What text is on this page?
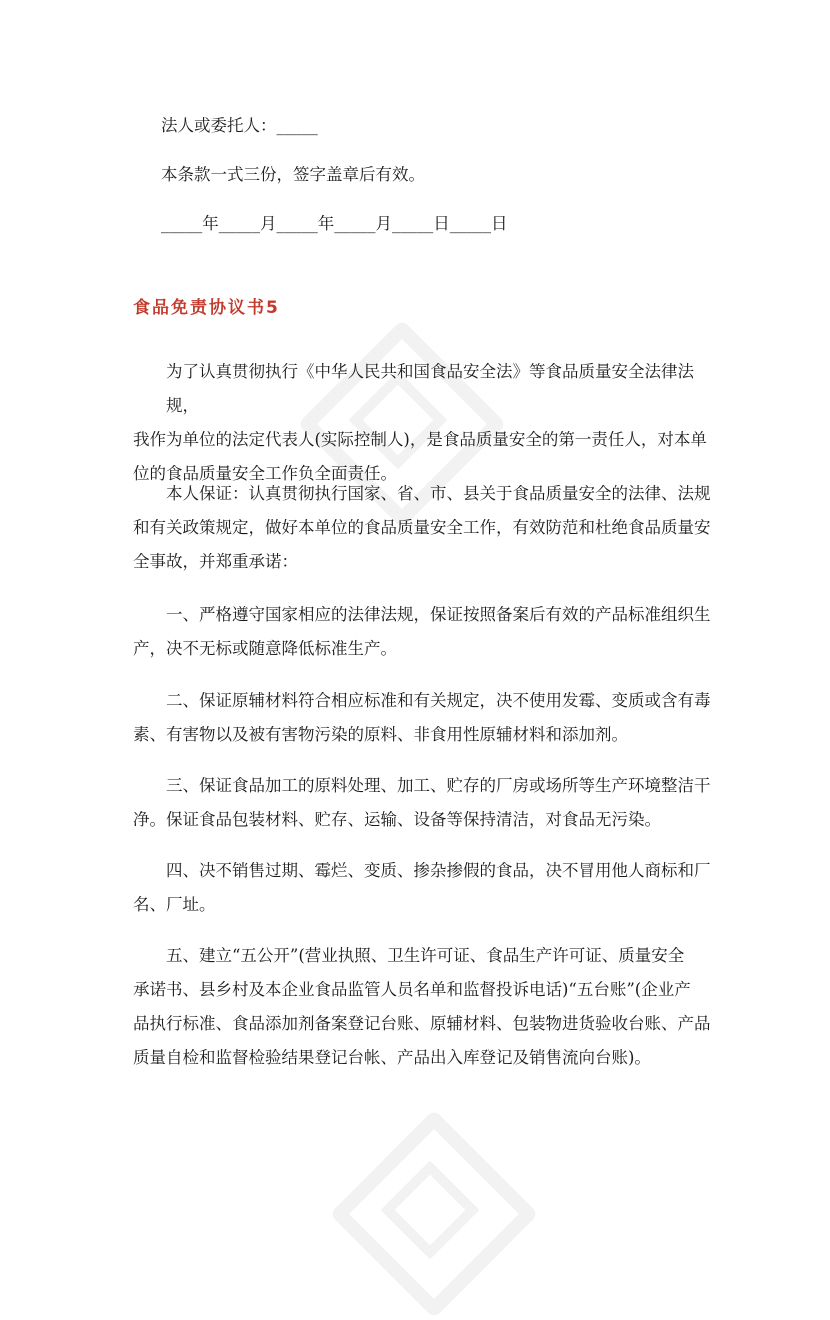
法人或委托人：_____
本条款一式三份，签字盖章后有效。
_____年_____月_____年_____月_____日_____日
食品免责协议书5
为了认真贯彻执行《中华人民共和国食品安全法》等食品质量安全法律法规，
我作为单位的法定代表人(实际控制人)，是食品质量安全的第一责任人，对本单
位的食品质量安全工作负全面责任。
本人保证：认真贯彻执行国家、省、市、县关于食品质量安全的法律、法规
和有关政策规定，做好本单位的食品质量安全工作，有效防范和杜绝食品质量安
全事故，并郑重承诺：
一、严格遵守国家相应的法律法规，保证按照备案后有效的产品标准组织生
产，决不无标或随意降低标准生产。
二、保证原辅材料符合相应标准和有关规定，决不使用发霉、变质或含有毒
素、有害物以及被有害物污染的原料、非食用性原辅材料和添加剂。
三、保证食品加工的原料处理、加工、贮存的厂房或场所等生产环境整洁干
净。保证食品包装材料、贮存、运输、设备等保持清洁，对食品无污染。
四、决不销售过期、霉烂、变质、掺杂掺假的食品，决不冒用他人商标和厂
名、厂址。
五、建立“五公开”(营业执照、卫生许可证、食品生产许可证、质量安全
承诺书、县乡村及本企业食品监管人员名单和监督投诉电话)“五台账”(企业产
品执行标准、食品添加剂备案登记台账、原辅材料、包装物进货验收台账、产品
质量自检和监督检验结果登记台帐、产品出入库登记及销售流向台账)。
